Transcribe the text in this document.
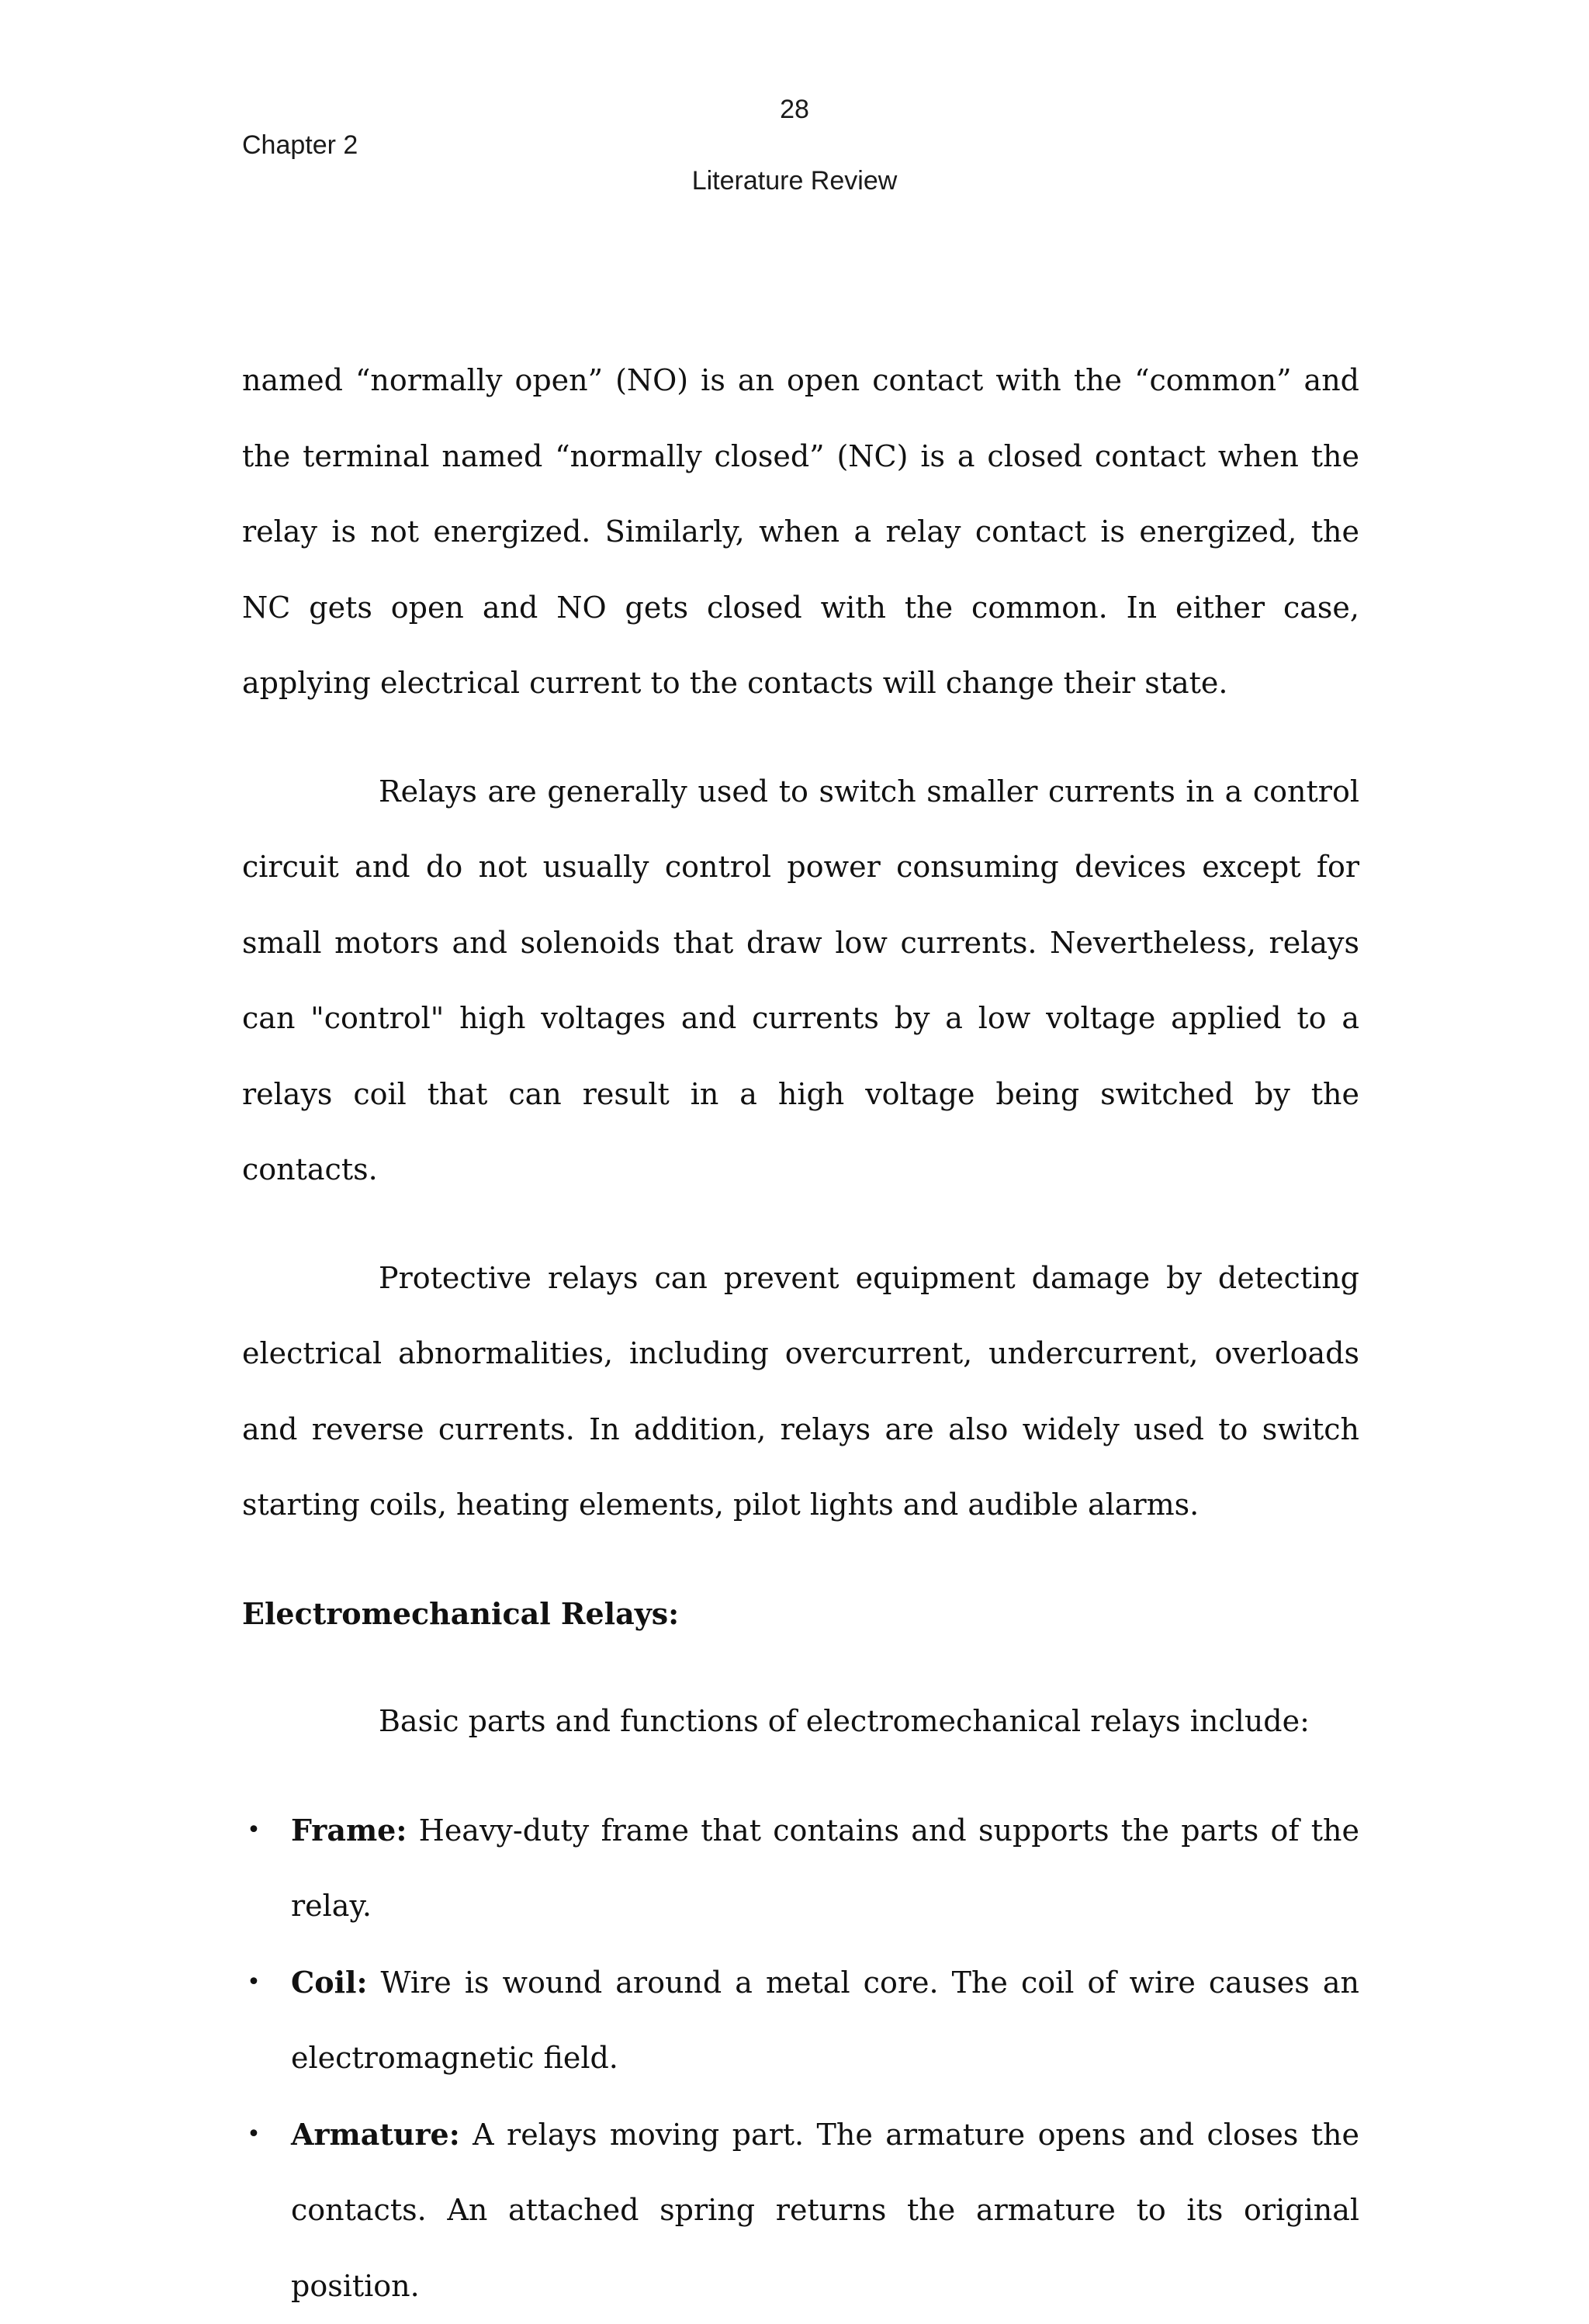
28
Chapter 2
Literature Review

named “normally open” (NO) is an open contact with the “common” and the terminal named “normally closed” (NC) is a closed contact when the relay is not energized. Similarly, when a relay contact is energized, the NC gets open and NO gets closed with the common. In either case, applying electrical current to the contacts will change their state.

Relays are generally used to switch smaller currents in a control circuit and do not usually control power consuming devices except for small motors and solenoids that draw low currents. Nevertheless, relays can "control" high voltages and currents by a low voltage applied to a relays coil that can result in a high voltage being switched by the contacts.

Protective relays can prevent equipment damage by detecting electrical abnormalities, including overcurrent, undercurrent, overloads and reverse currents. In addition, relays are also widely used to switch starting coils, heating elements, pilot lights and audible alarms.

Electromechanical Relays:
Basic parts and functions of electromechanical relays include:
• Frame: Heavy-duty frame that contains and supports the parts of the relay.
• Coil: Wire is wound around a metal core. The coil of wire causes an electromagnetic field.
• Armature: A relays moving part. The armature opens and closes the contacts. An attached spring returns the armature to its original position.
